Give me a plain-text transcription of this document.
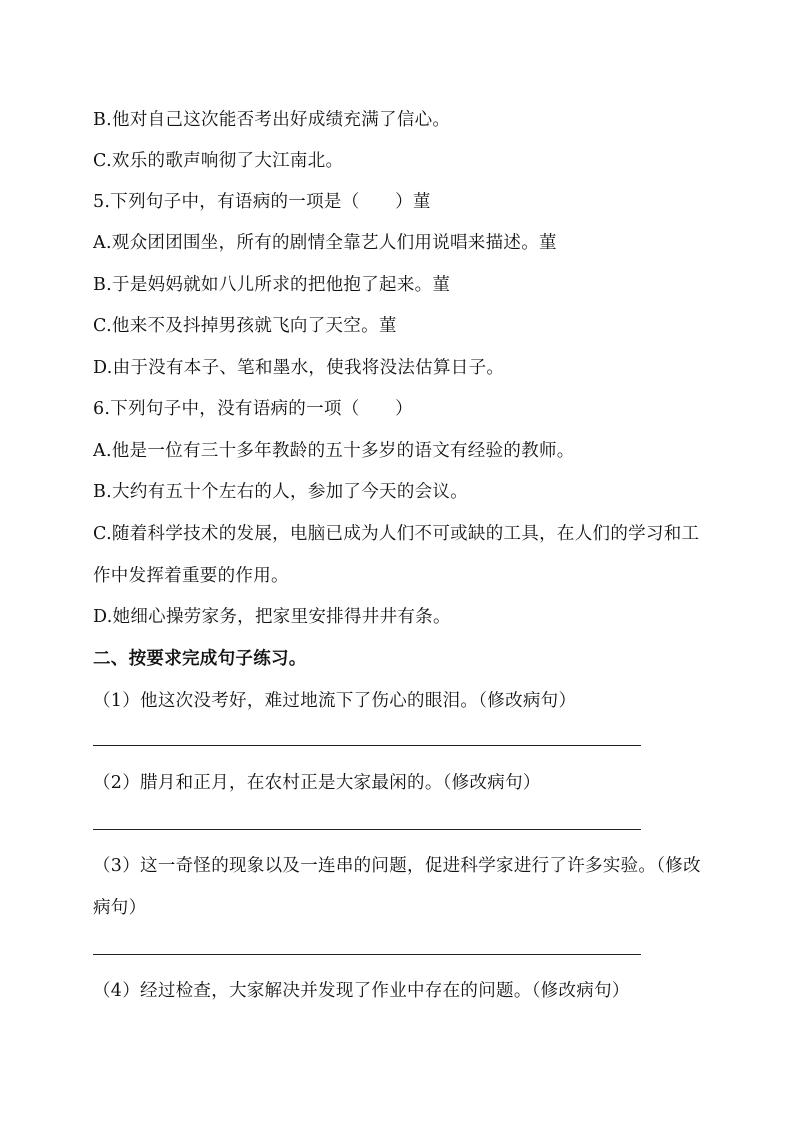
B.他对自己这次能否考出好成绩充满了信心。
C.欢乐的歌声响彻了大江南北。
5.下列句子中，有语病的一项是（　　）菫
A.观众团团围坐，所有的剧情全靠艺人们用说唱来描述。菫
B.于是妈妈就如八儿所求的把他抱了起来。菫
C.他来不及抖掉男孩就飞向了天空。菫
D.由于没有本子、笔和墨水，使我将没法估算日子。
6.下列句子中，没有语病的一项（　　）
A.他是一位有三十多年教龄的五十多岁的语文有经验的教师。
B.大约有五十个左右的人，参加了今天的会议。
C.随着科学技术的发展，电脑已成为人们不可或缺的工具，在人们的学习和工
作中发挥着重要的作用。
D.她细心操劳家务，把家里安排得井井有条。
二、按要求完成句子练习。
（1）他这次没考好，难过地流下了伤心的眼泪。（修改病句）
（2）腊月和正月，在农村正是大家最闲的。（修改病句）
（3）这一奇怪的现象以及一连串的问题，促进科学家进行了许多实验。（修改
病句）
（4）经过检查，大家解决并发现了作业中存在的问题。（修改病句）
